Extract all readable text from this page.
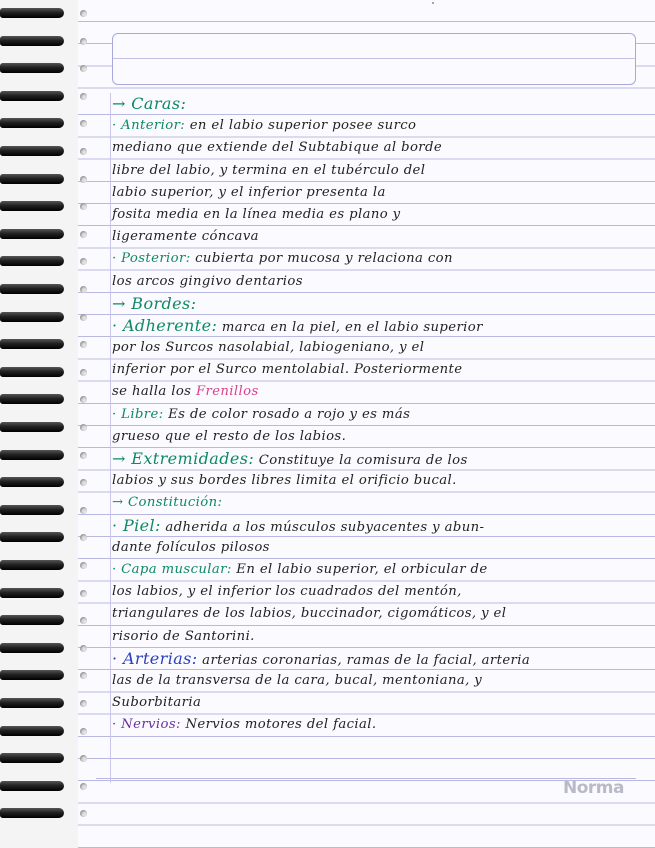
→ Caras:
· Anterior: en el labio superior posee surco
mediano que extiende del Subtabique al borde
libre del labio, y termina en el tubérculo del
labio superior, y el inferior presenta la
fosita media en la línea media es plano y
ligeramente cóncava
· Posterior: cubierta por mucosa y relaciona con
los arcos gingivo dentarios
→ Bordes:
· Adherente: marca en la piel, en el labio superior
por los Surcos nasolabial, labiogeniano, y el
inferior por el Surco mentolabial. Posteriormente
se halla los Frenillos
· Libre: Es de color rosado a rojo y es más
grueso que el resto de los labios.
→ Extremidades: Constituye la comisura de los
labios y sus bordes libres limita el orificio bucal.
→ Constitución:
· Piel: adherida a los músculos subyacentes y abun-
dante folículos pilosos
· Capa muscular: En el labio superior, el orbicular de
los labios, y el inferior los cuadrados del mentón,
triangulares de los labios, buccinador, cigomáticos, y el
risorio de Santorini.
· Arterias: arterias coronarias, ramas de la facial, arteria
las de la transversa de la cara, bucal, mentoniana, y
Suborbitaria
· Nervios: Nervios motores del facial.
Norma
